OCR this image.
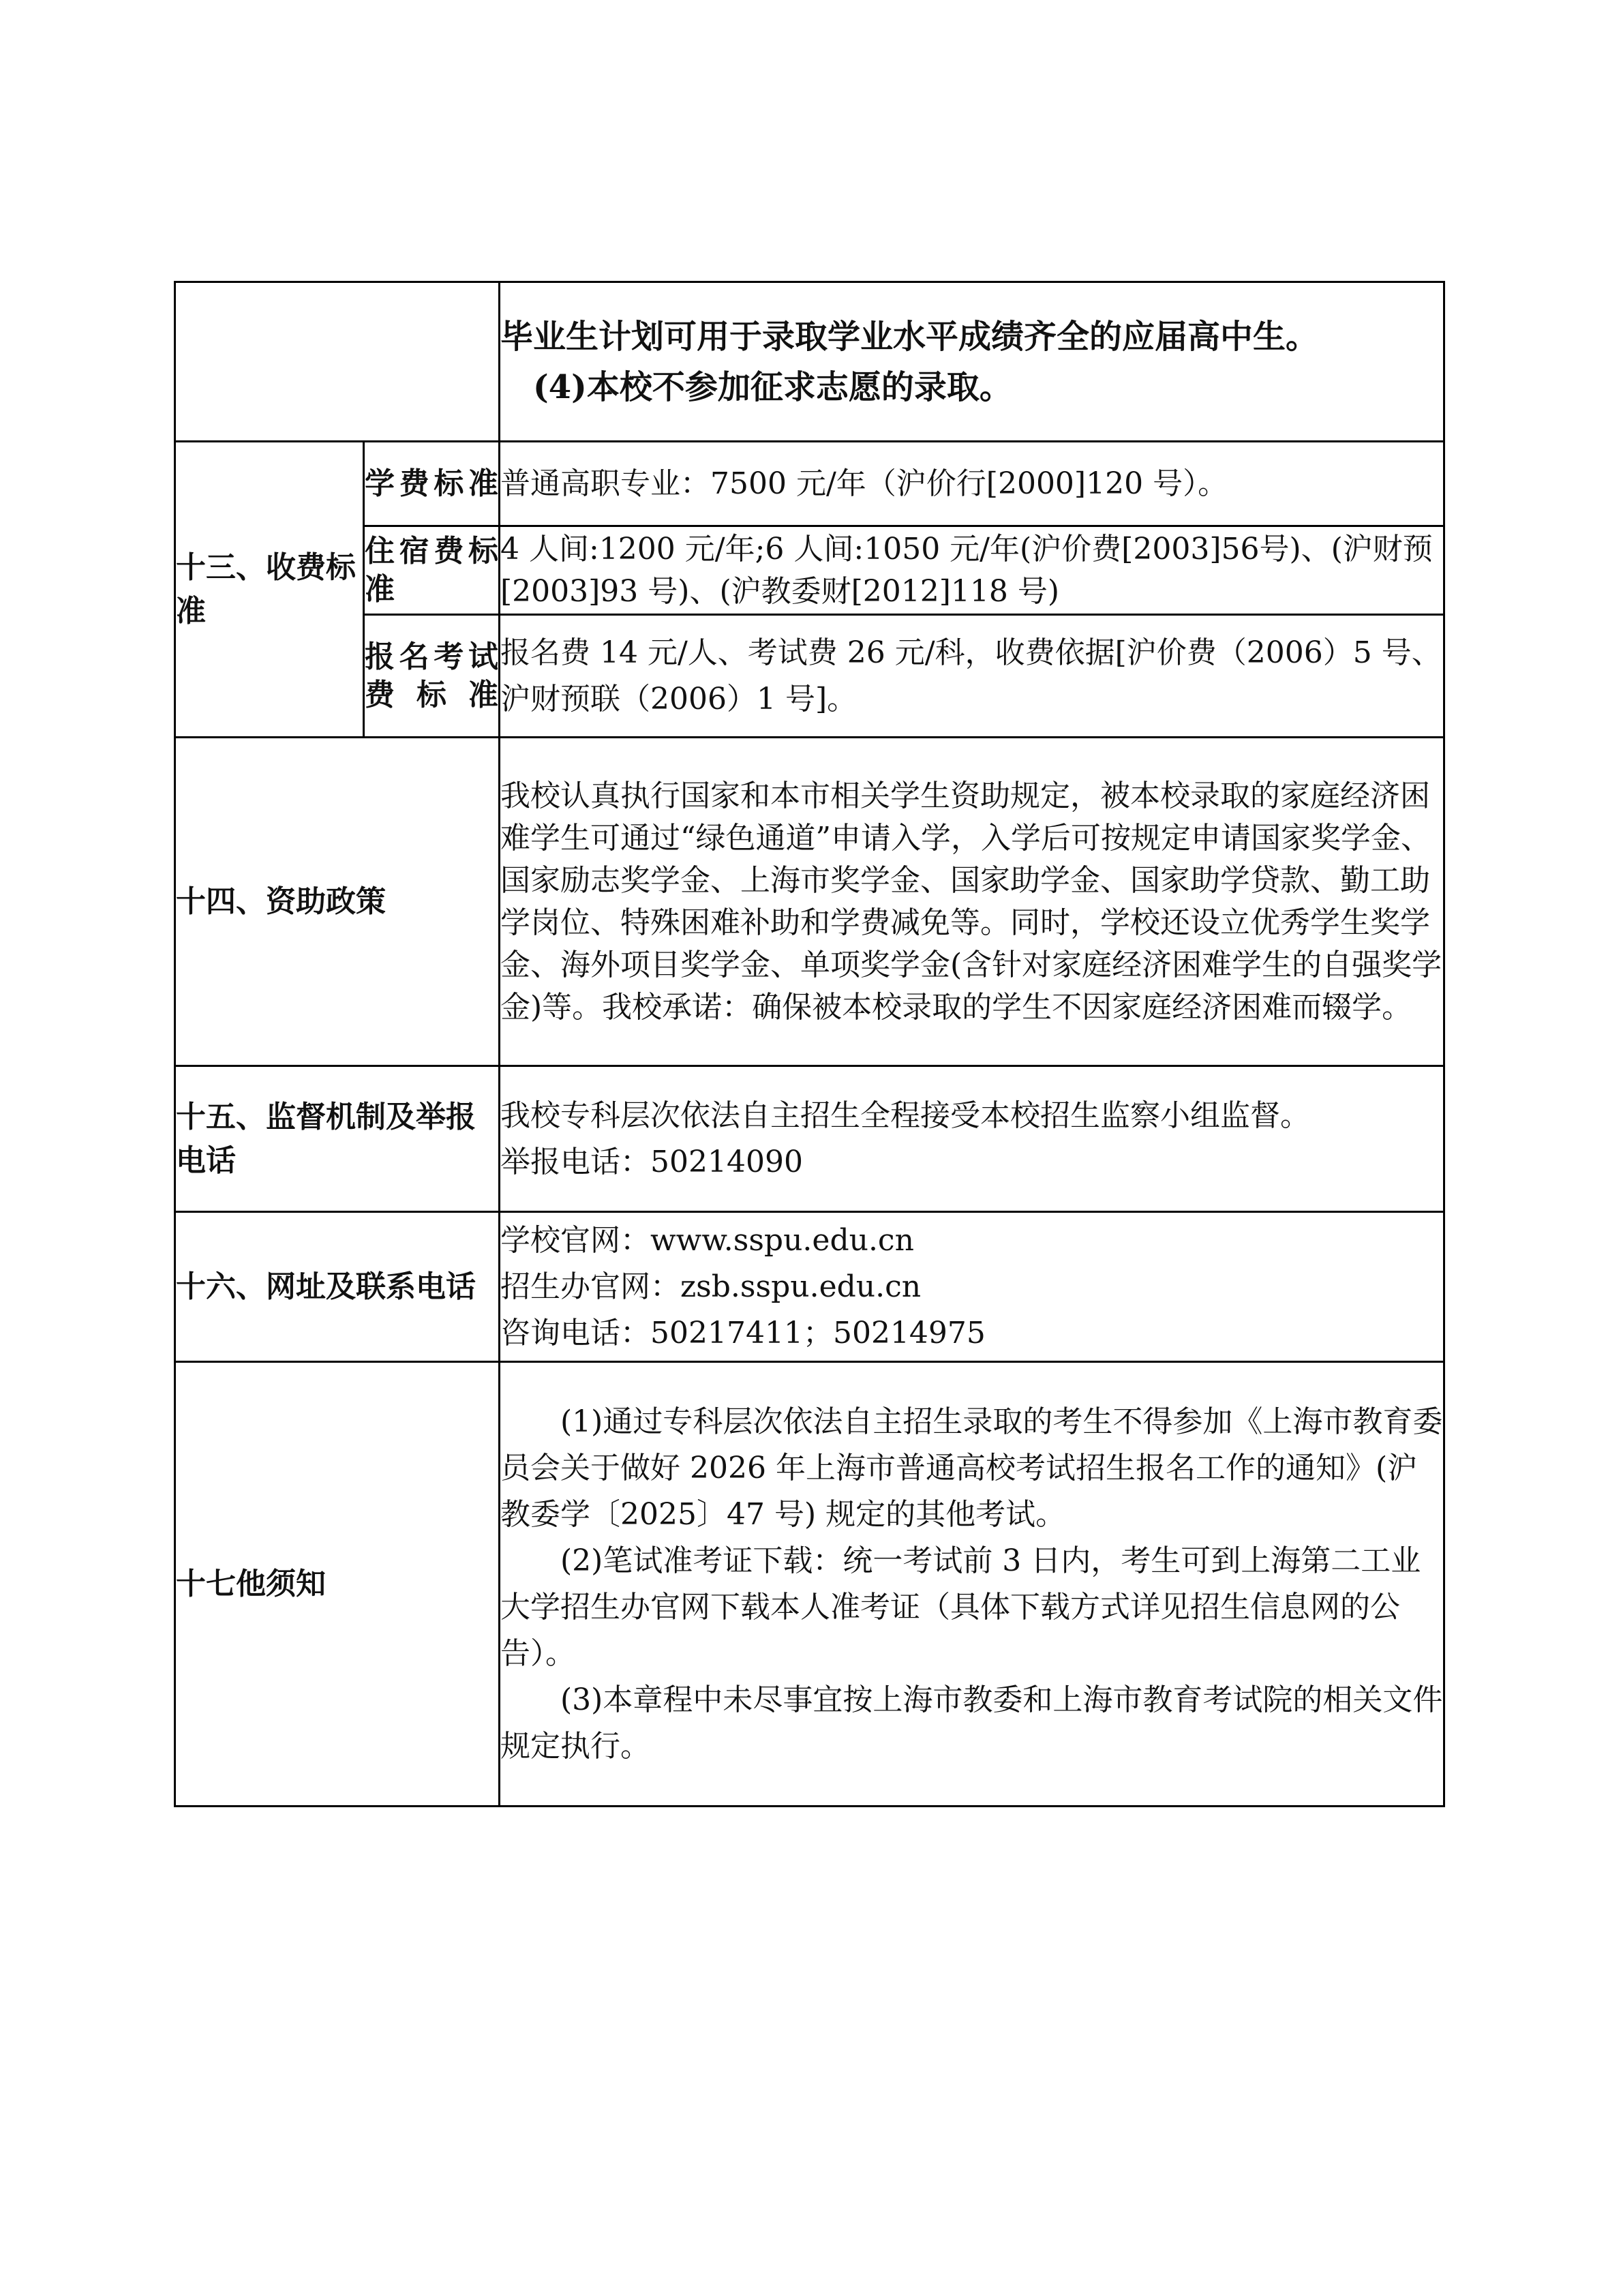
		毕业生计划可用于录取学业水平成绩齐全的应届高中生。

(4)本校不参加征求志愿的录取。

十三、收费标准	学费标准	普通高职专业：7500 元/年（沪价行[2000]120 号）。

	住宿费标准	4 人间:1200 元/年;6 人间:1050 元/年(沪价费[2003]56号)、(沪财预[2003]93 号)、(沪教委财[2012]118 号)

	报名考试费标准	报名费 14 元/人、考试费 26 元/科，收费依据[沪价费（2006）5 号、沪财预联（2006）1 号]。
十四、资助政策		我校认真执行国家和本市相关学生资助规定，被本校录取的家庭经济困难学生可通过“绿色通道”申请入学，入学后可按规定申请国家奖学金、国家励志奖学金、上海市奖学金、国家助学金、国家助学贷款、勤工助学岗位、特殊困难补助和学费减免等。同时，学校还设立优秀学生奖学金、海外项目奖学金、单项奖学金(含针对家庭经济困难学生的自强奖学金)等。我校承诺：确保被本校录取的学生不因家庭经济困难而辍学。
十五、监督机制及举报电话		我校专科层次依法自主招生全程接受本校招生监察小组监督。

举报电话：50214090

十六、网址及联系电话		学校官网：www.sspu.edu.cn

招生办官网：zsb.sspu.edu.cn

咨询电话：50217411；50214975

十七他须知		(1)通过专科层次依法自主招生录取的考生不得参加《上海市教育委员会关于做好 2026 年上海市普通高校考试招生报名工作的通知》(沪教委学〔2025〕47 号) 规定的其他考试。

(2)笔试准考证下载：统一考试前 3 日内，考生可到上海第二工业大学招生办官网下载本人准考证（具体下载方式详见招生信息网的公告）。

(3)本章程中未尽事宜按上海市教委和上海市教育考试院的相关文件规定执行。
